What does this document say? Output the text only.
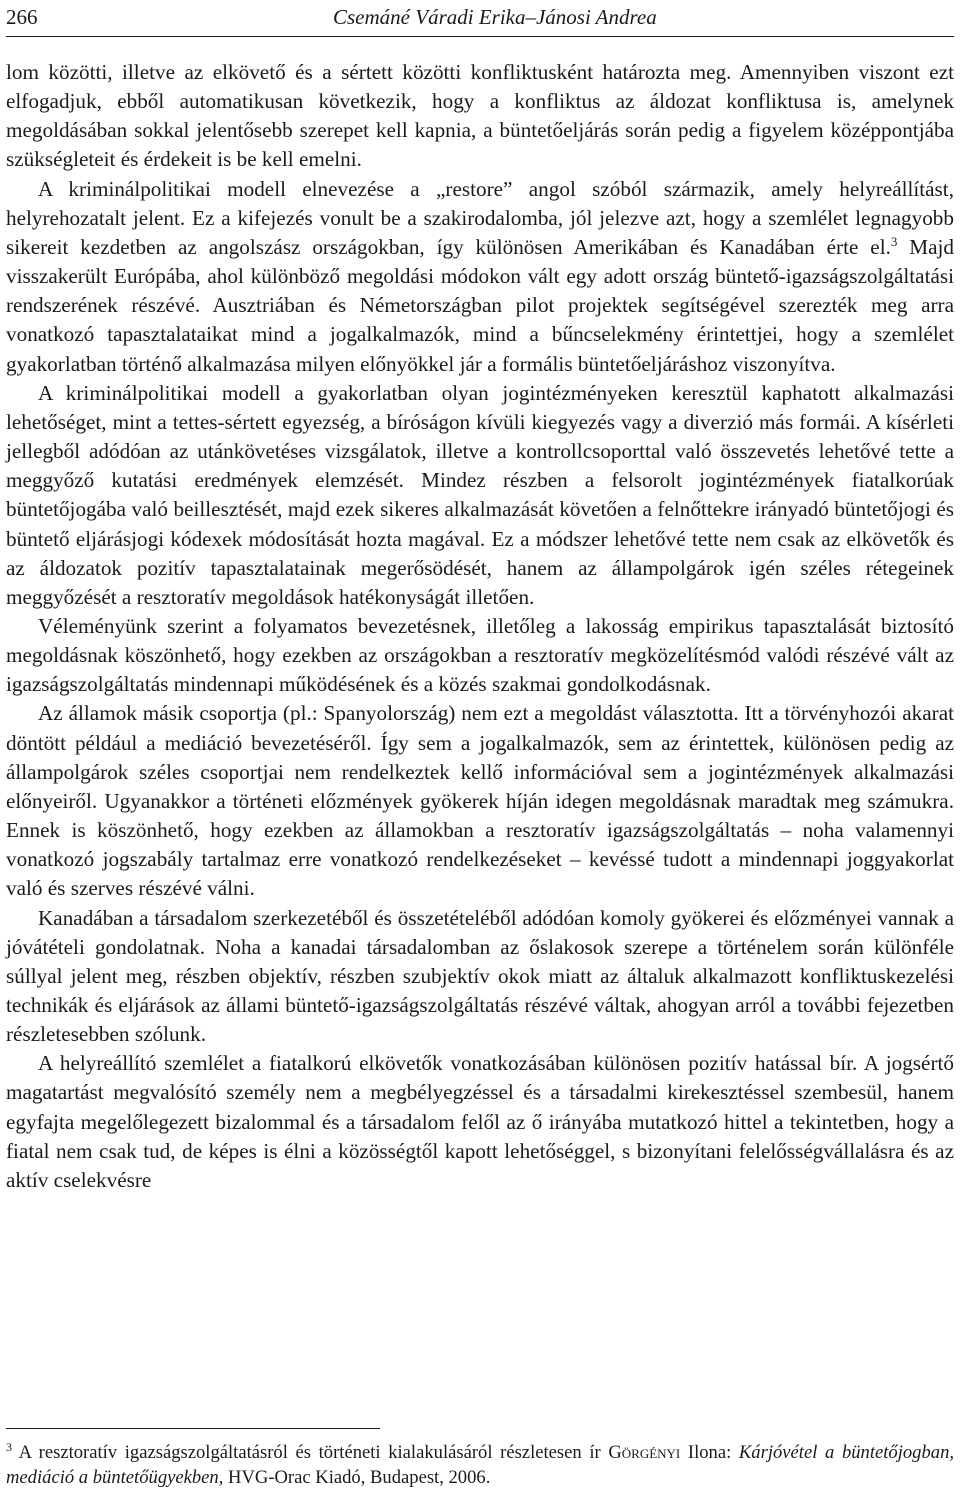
266	Csemáné Váradi Erika–Jánosi Andrea

lom közötti, illetve az elkövető és a sértett közötti konfliktusként határozta meg. Amennyiben viszont ezt elfogadjuk, ebből automatikusan következik, hogy a konfliktus az áldozat konfliktusa is, amelynek megoldásában sokkal jelentősebb szerepet kell kapnia, a büntetőeljárás során pedig a figyelem középpontjába szükségleteit és érdekeit is be kell emelni.

A kriminálpolitikai modell elnevezése a „restore” angol szóból származik, amely helyreállítást, helyrehozatalt jelent. Ez a kifejezés vonult be a szakirodalomba, jól jelezve azt, hogy a szemlélet legnagyobb sikereit kezdetben az angolszász országokban, így különösen Amerikában és Kanadában érte el.$^3$ Majd visszakerült Európába, ahol különböző megoldási módokon vált egy adott ország büntető-igazságszolgáltatási rendszerének részévé. Ausztriában és Németországban pilot projektek segítségével szerezték meg arra vonatkozó tapasztalataikat mind a jogalkalmazók, mind a bűncselekmény érintettjei, hogy a szemlélet gyakorlatban történő alkalmazása milyen előnyökkel jár a formális büntetőeljáráshoz viszonyítva.

A kriminálpolitikai modell a gyakorlatban olyan jogintézményeken keresztül kaphatott alkalmazási lehetőséget, mint a tettes-sértett egyezség, a bíróságon kívüli kiegyezés vagy a diverzió más formái. A kísérleti jellegből adódóan az utánkövetéses vizsgálatok, illetve a kontrollcsoporttal való összevetés lehetővé tette a meggyőző kutatási eredmények elemzését. Mindez részben a felsorolt jogintézmények fiatalkorúak büntetőjogába való beillesztését, majd ezek sikeres alkalmazását követően a felnőttekre irányadó büntetőjogi és büntető eljárásjogi kódexek módosítását hozta magával. Ez a módszer lehetővé tette nem csak az elkövetők és az áldozatok pozitív tapasztalatainak megerősödését, hanem az állampolgárok igén széles rétegeinek meggyőzését a resztoratív megoldások hatékonyságát illetően.

Véleményünk szerint a folyamatos bevezetésnek, illetőleg a lakosság empirikus tapasztalását biztosító megoldásnak köszönhető, hogy ezekben az országokban a resztoratív megközelítésmód valódi részévé vált az igazságszolgáltatás mindennapi működésének és a közés szakmai gondolkodásnak.

Az államok másik csoportja (pl.: Spanyolország) nem ezt a megoldást választotta. Itt a törvényhozói akarat döntött például a mediáció bevezetéséről. Így sem a jogalkalmazók, sem az érintettek, különösen pedig az állampolgárok széles csoportjai nem rendelkeztek kellő információval sem a jogintézmények alkalmazási előnyeiről. Ugyanakkor a történeti előzmények gyökerek híján idegen megoldásnak maradtak meg számukra. Ennek is köszönhető, hogy ezekben az államokban a resztoratív igazságszolgáltatás – noha valamennyi vonatkozó jogszabály tartalmaz erre vonatkozó rendelkezéseket – kevéssé tudott a mindennapi joggyakorlat való és szerves részévé válni.

Kanadában a társadalom szerkezetéből és összetételéből adódóan komoly gyökerei és előzményei vannak a jóvátételi gondolatnak. Noha a kanadai társadalomban az őslakosok szerepe a történelem során különféle súllyal jelent meg, részben objektív, részben szubjektív okok miatt az általuk alkalmazott konfliktuskezelési technikák és eljárások az állami büntető-igazságszolgáltatás részévé váltak, ahogyan arról a további fejezetben részletesebben szólunk.

A helyreállító szemlélet a fiatalkorú elkövetők vonatkozásában különösen pozitív hatással bír. A jogsértő magatartást megvalósító személy nem a megbélyegzéssel és a társadalmi kirekesztéssel szembesül, hanem egyfajta megelőlegezett bizalommal és a társadalom felől az ő irányába mutatkozó hittel a tekintetben, hogy a fiatal nem csak tud, de képes is élni a közösségtől kapott lehetőséggel, s bizonyítani felelősségvállalásra és az aktív cselekvésre

$^3$ A resztoratív igazságszolgáltatásról és történeti kialakulásáról részletesen ír Görgényi Ilona: Kárjóvétel a büntetőjogban, mediáció a büntetőügyekben, HVG-Orac Kiadó, Budapest, 2006.
